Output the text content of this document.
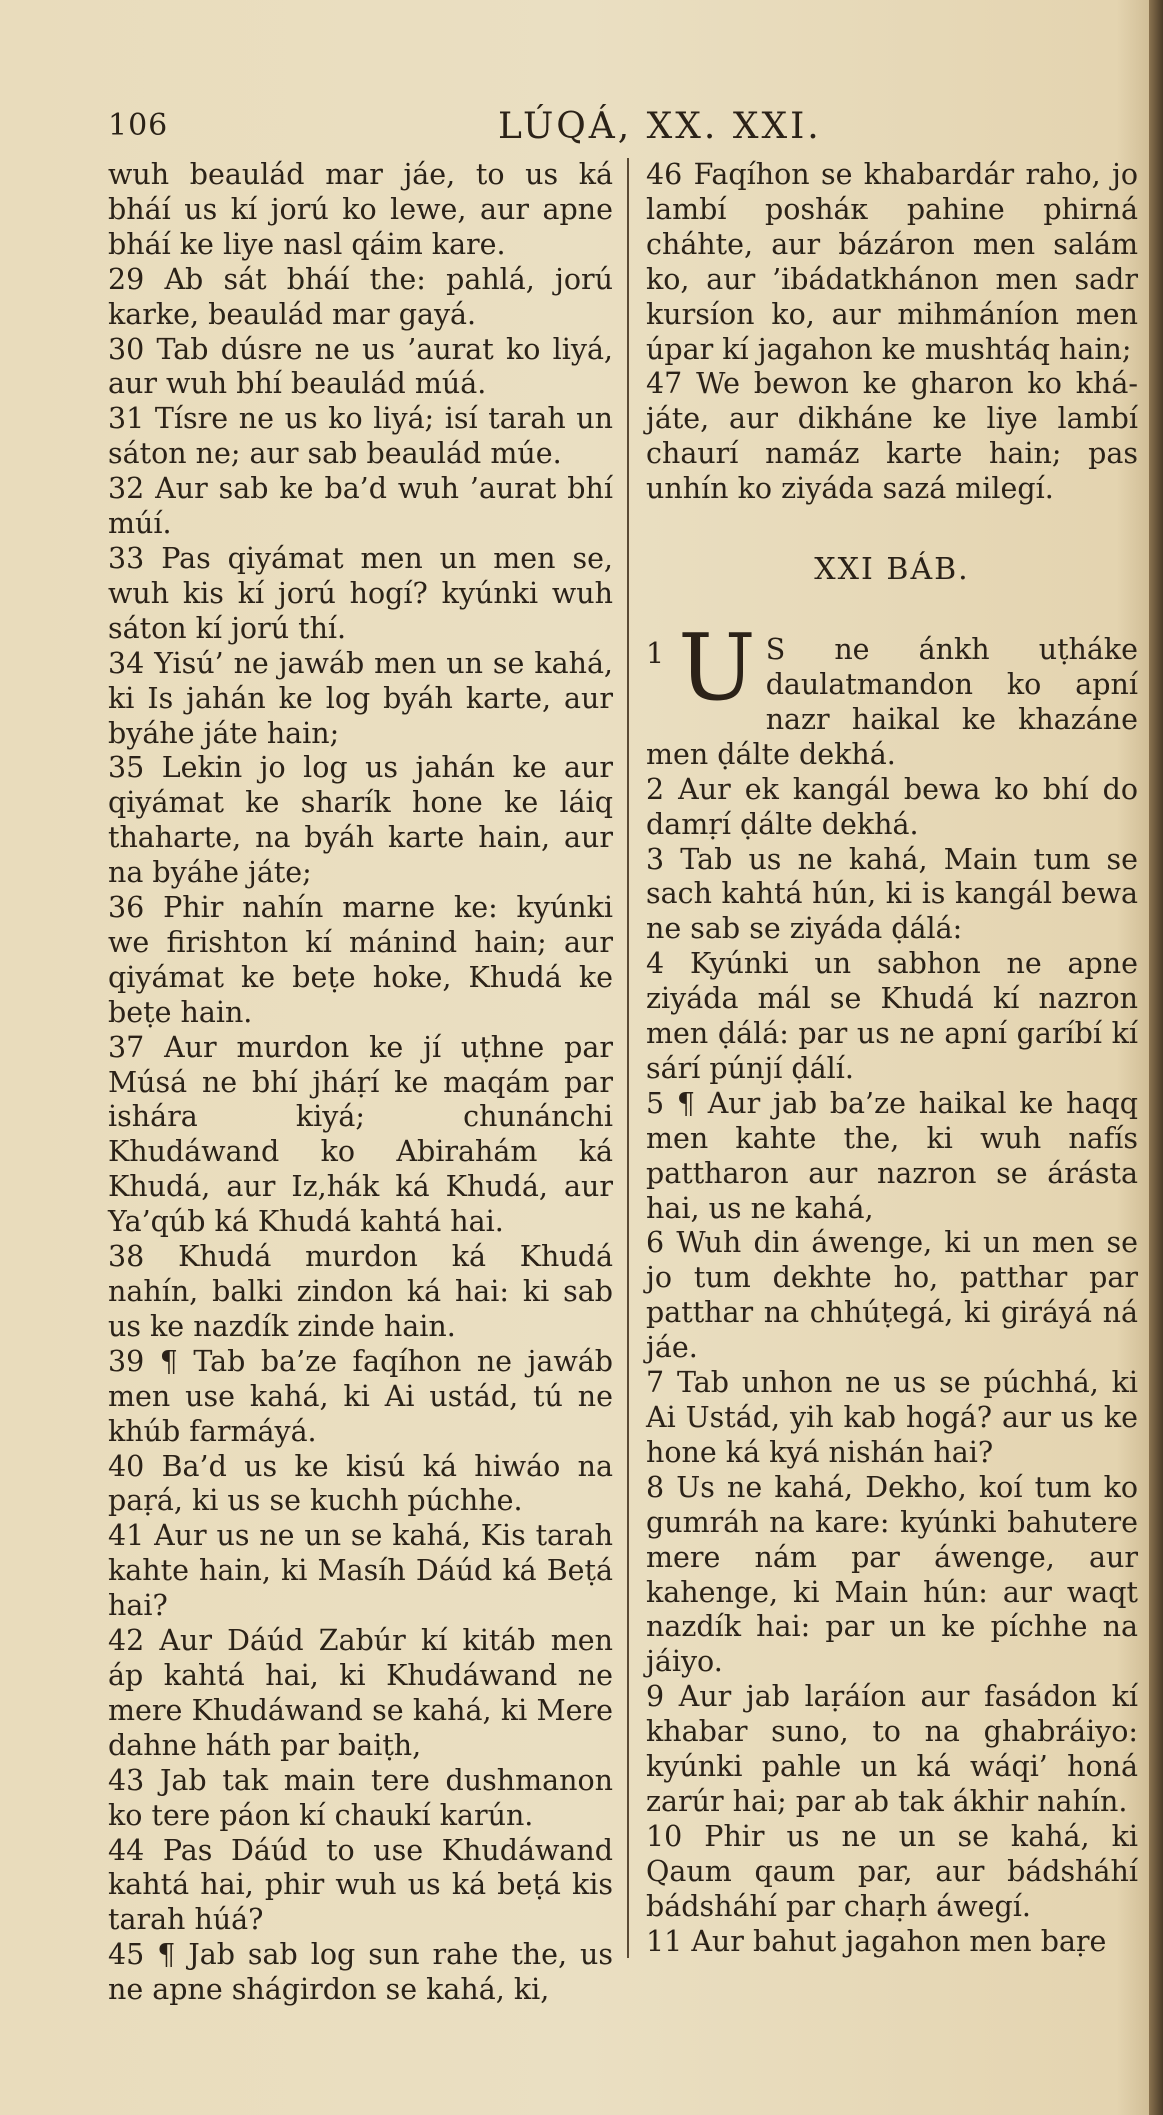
106	LÚQÁ, XX. XXI.

wuh beaulád mar jáe, to us ká bháí us kí jorú ko lewe, aur apne bháí ke liye nasl qáim kare.

29 Ab sát bháí the: pahlá, jorú karke, beaulád mar gayá.

30 Tab dúsre ne us ’aurat ko liyá, aur wuh bhí beaulád múá.

31 Tísre ne us ko liyá; isí tarah un sáton ne; aur sab beaulád múe.

32 Aur sab ke ba’d wuh ’aurat bhí múí.

33 Pas qiyámat men un men se, wuh kis kí jorú hogí? kyúnki wuh sáton kí jorú thí.

34 Yisú’ ne jawáb men un se kahá, ki Is jahán ke log byáh karte, aur byáhe játe hain;

35 Lekin jo log us jahán ke aur qiyámat ke sharík hone ke láiq thaharte, na byáh karte hain, aur na byáhe játe;

36 Phir nahín marne ke: kyúnki we firishton kí mánind hain; aur qiyámat ke beṭe hoke, Khudá ke beṭe hain.

37 Aur murdon ke jí uṭhne par Músá ne bhí jháṛí ke maqám par ishára kiyá; chunánchi Khudáwand ko Abirahám ká Khudá, aur Iz,hák ká Khudá, aur Ya’qúb ká Khudá kahtá hai.

38 Khudá murdon ká Khudá nahín, balki zindon ká hai: ki sab us ke nazdík zinde hain.

39 ¶ Tab ba’ze faqíhon ne jawáb men use kahá, ki Ai ustád, tú ne khúb farmáyá.

40 Ba’d us ke kisú ká hiwáo na paṛá, ki us se kuchh púchhe.

41 Aur us ne un se kahá, Kis tarah kahte hain, ki Masíh Dáúd ká Beṭá hai?

42 Aur Dáúd Zabúr kí kitáb men áp kahtá hai, ki Khudáwand ne mere Khudáwand se kahá, ki Mere dahne háth par baiṭh,

43 Jab tak main tere dushmanon ko tere páon kí chaukí karún.

44 Pas Dáúd to use Khudáwand kahtá hai, phir wuh us ká beṭá kis tarah húá?

45 ¶ Jab sab log sun rahe the, us ne apne shágirdon se kahá, ki,

46 Faqíhon se khabardár raho, jo lambí posháк pahine phirná cháhte, aur bázáron men salám ko, aur ’ibádatkhánon men sadr kursíon ko, aur mihmáníon men úpar kí jagahon ke mushtáq hain;

47 We bewon ke gharon ko khá-játe, aur dikháne ke liye lambí chaurí namáz karte hain; pas unhín ko ziyáda sazá milegí.

XXI BÁB.

1 U S ne ánkh uṭháke daulatmandon ko apní nazr haikal ke khazáne men ḍálte dekhá.

2 Aur ek kangál bewa ko bhí do damṛí ḍálte dekhá.

3 Tab us ne kahá, Main tum se sach kahtá hún, ki is kangál bewa ne sab se ziyáda ḍálá:

4 Kyúnki un sabhon ne apne ziyáda mál se Khudá kí nazron men ḍálá: par us ne apní garíbí kí sárí púnjí ḍálí.

5 ¶ Aur jab ba’ze haikal ke haqq men kahte the, ki wuh nafís pattharon aur nazron se árásta hai, us ne kahá,

6 Wuh din áwenge, ki un men se jo tum dekhte ho, patthar par patthar na chhúṭegá, ki giráyá ná jáe.

7 Tab unhon ne us se púchhá, ki Ai Ustád, yih kab hogá? aur us ke hone ká kyá nishán hai?

8 Us ne kahá, Dekho, koí tum ko gumráh na kare: kyúnki bahutere mere nám par áwenge, aur kahenge, ki Main hún: aur waqt nazdík hai: par un ke píchhe na jáiyo.

9 Aur jab laṛáíon aur fasádon kí khabar suno, to na ghabráiyo: kyúnki pahle un ká wáqi’ honá zarúr hai; par ab tak ákhir nahín.

10 Phir us ne un se kahá, ki Qaum qaum par, aur bádsháhí bádsháhí par chaṛh áwegí.

11 Aur bahut jagahon men baṛe
